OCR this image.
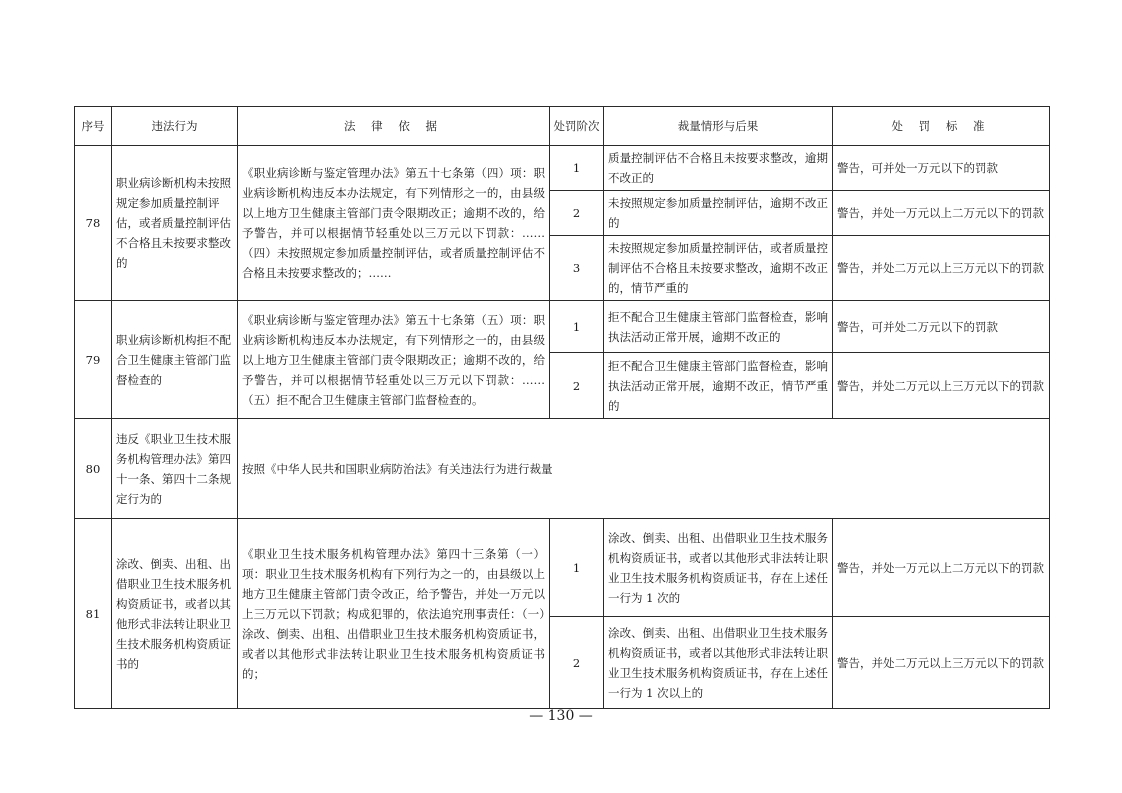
序号	违法行为	法 律 依 据	处罚阶次	裁量情形与后果	处 罚 标 准
78	职业病诊断机构未按照规定参加质量控制评估，或者质量控制评估不合格且未按要求整改的	《职业病诊断与鉴定管理办法》第五十七条第（四）项：职业病诊断机构违反本办法规定，有下列情形之一的，由县级以上地方卫生健康主管部门责令限期改正；逾期不改的，给予警告，并可以根据情节轻重处以三万元以下罚款：……（四）未按照规定参加质量控制评估，或者质量控制评估不合格且未按要求整改的；……	1	质量控制评估不合格且未按要求整改，逾期不改正的	警告，可并处一万元以下的罚款
			2	未按照规定参加质量控制评估，逾期不改正的	警告，并处一万元以上二万元以下的罚款
			3	未按照规定参加质量控制评估，或者质量控制评估不合格且未按要求整改，逾期不改正的，情节严重的	警告，并处二万元以上三万元以下的罚款
79	职业病诊断机构拒不配合卫生健康主管部门监督检查的	《职业病诊断与鉴定管理办法》第五十七条第（五）项：职业病诊断机构违反本办法规定，有下列情形之一的，由县级以上地方卫生健康主管部门责令限期改正；逾期不改的，给予警告，并可以根据情节轻重处以三万元以下罚款：……（五）拒不配合卫生健康主管部门监督检查的。	1	拒不配合卫生健康主管部门监督检查，影响执法活动正常开展，逾期不改正的	警告，可并处二万元以下的罚款
			2	拒不配合卫生健康主管部门监督检查，影响执法活动正常开展，逾期不改正，情节严重的	警告，并处二万元以上三万元以下的罚款
80	违反《职业卫生技术服务机构管理办法》第四十一条、第四十二条规定行为的	按照《中华人民共和国职业病防治法》有关违法行为进行裁量			
81	涂改、倒卖、出租、出借职业卫生技术服务机构资质证书，或者以其他形式非法转让职业卫生技术服务机构资质证书的	《职业卫生技术服务机构管理办法》第四十三条第（一）项：职业卫生技术服务机构有下列行为之一的，由县级以上地方卫生健康主管部门责令改正，给予警告，并处一万元以上三万元以下罚款；构成犯罪的，依法追究刑事责任：（一）涂改、倒卖、出租、出借职业卫生技术服务机构资质证书，或者以其他形式非法转让职业卫生技术服务机构资质证书的；	1	涂改、倒卖、出租、出借职业卫生技术服务机构资质证书，或者以其他形式非法转让职业卫生技术服务机构资质证书，存在上述任一行为 1 次的	警告，并处一万元以上二万元以下的罚款
			2	涂改、倒卖、出租、出借职业卫生技术服务机构资质证书，或者以其他形式非法转让职业卫生技术服务机构资质证书，存在上述任一行为 1 次以上的	警告，并处二万元以上三万元以下的罚款
— 130 —
